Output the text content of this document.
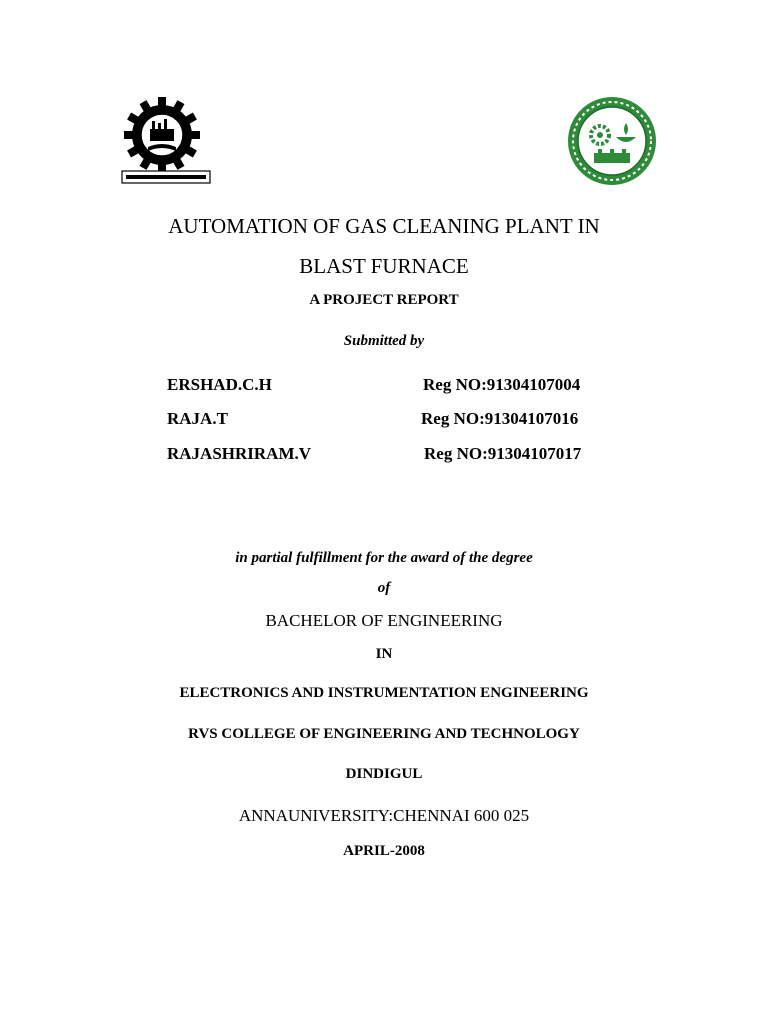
AUTOMATION OF GAS CLEANING PLANT IN
BLAST FURNACE
A PROJECT REPORT
Submitted by
ERSHAD.C.H	Reg NO:91304107004
RAJA.T	Reg NO:91304107016
RAJASHRIRAM.V	Reg NO:91304107017
in partial fulfillment for the award of the degree
of
BACHELOR OF ENGINEERING
IN
ELECTRONICS AND INSTRUMENTATION ENGINEERING
RVS COLLEGE OF ENGINEERING AND TECHNOLOGY
DINDIGUL
ANNAUNIVERSITY:CHENNAI 600 025
APRIL-2008
